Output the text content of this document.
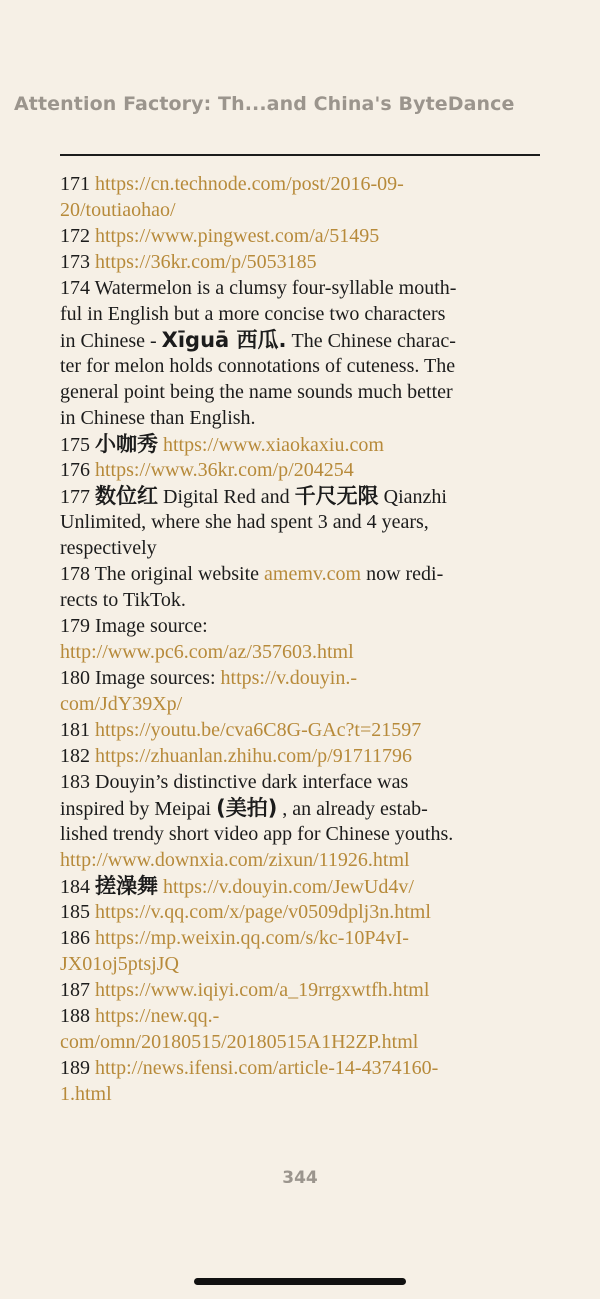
Attention Factory: Th...and China's ByteDance
171 https://cn.technode.com/post/2016-09-
20/toutiaohao/
172 https://www.pingwest.com/a/51495
173 https://36kr.com/p/5053185
174 Watermelon is a clumsy four-syllable mouth-
ful in English but a more concise two characters
in Chinese - Xīguā 西瓜. The Chinese charac-
ter for melon holds connotations of cuteness. The
general point being the name sounds much better
in Chinese than English.
175 小咖秀 https://www.xiaokaxiu.com
176 https://www.36kr.com/p/204254
177 数位红 Digital Red and 千尺无限 Qianzhi
Unlimited, where she had spent 3 and 4 years,
respectively
178 The original website amemv.com now redi-
rects to TikTok.
179 Image source:
http://www.pc6.com/az/357603.html
180 Image sources: https://v.douyin.-
com/JdY39Xp/
181 https://youtu.be/cva6C8G-GAc?t=21597
182 https://zhuanlan.zhihu.com/p/91711796
183 Douyin’s distinctive dark interface was
inspired by Meipai (美拍) , an already estab-
lished trendy short video app for Chinese youths.
http://www.downxia.com/zixun/11926.html
184 搓澡舞 https://v.douyin.com/JewUd4v/
185 https://v.qq.com/x/page/v0509dplj3n.html
186 https://mp.weixin.qq.com/s/kc-10P4vI-
JX01oj5ptsjJQ
187 https://www.iqiyi.com/a_19rrgxwtfh.html
188 https://new.qq.-
com/omn/20180515/20180515A1H2ZP.html
189 http://news.ifensi.com/article-14-4374160-
1.html
344
